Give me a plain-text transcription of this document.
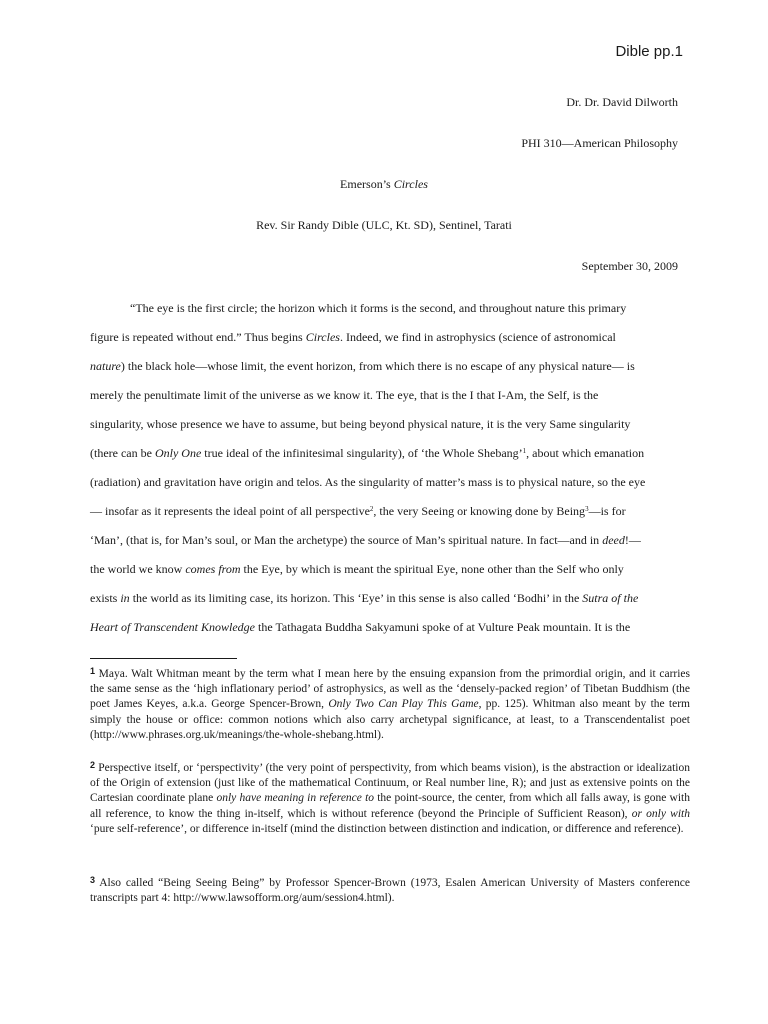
Dible pp.1
Dr. Dr. David Dilworth
PHI 310—American Philosophy
Emerson’s Circles
Rev. Sir Randy Dible (ULC, Kt. SD), Sentinel, Tarati
September 30, 2009
“The eye is the first circle; the horizon which it forms is the second, and throughout nature this primary
figure is repeated without end.” Thus begins Circles. Indeed, we find in astrophysics (science of astronomical
nature) the black hole—whose limit, the event horizon, from which there is no escape of any physical nature— is
merely the penultimate limit of the universe as we know it. The eye, that is the I that I-Am, the Self, is the
singularity, whose presence we have to assume, but being beyond physical nature, it is the very Same singularity
(there can be Only One true ideal of the infinitesimal singularity), of ‘the Whole Shebang’$^1$, about which emanation
(radiation) and gravitation have origin and telos. As the singularity of matter’s mass is to physical nature, so the eye
— insofar as it represents the ideal point of all perspective$^2$, the very Seeing or knowing done by Being$^3$—is for
‘Man’, (that is, for Man’s soul, or Man the archetype) the source of Man’s spiritual nature. In fact—and in deed!—
the world we know comes from the Eye, by which is meant the spiritual Eye, none other than the Self who only
exists in the world as its limiting case, its horizon. This ‘Eye’ in this sense is also called ‘Bodhi’ in the Sutra of the
Heart of Transcendent Knowledge the Tathagata Buddha Sakyamuni spoke of at Vulture Peak mountain. It is the
$^1$ Maya. Walt Whitman meant by the term what I mean here by the ensuing expansion from the primordial origin, and it carries the same sense as the ‘high inflationary period’ of astrophysics, as well as the ‘densely-packed region’ of Tibetan Buddhism (the poet James Keyes, a.k.a. George Spencer-Brown, Only Two Can Play This Game, pp. 125). Whitman also meant by the term simply the house or office: common notions which also carry archetypal significance, at least, to a Transcendentalist poet (http://www.phrases.org.uk/meanings/the-whole-shebang.html).
$^2$ Perspective itself, or ‘perspectivity’ (the very point of perspectivity, from which beams vision), is the abstraction or idealization of the Origin of extension (just like of the mathematical Continuum, or Real number line, R); and just as extensive points on the Cartesian coordinate plane only have meaning in reference to the point-source, the center, from which all falls away, is gone with all reference, to know the thing in-itself, which is without reference (beyond the Principle of Sufficient Reason), or only with ‘pure self-reference’, or difference in-itself (mind the distinction between distinction and indication, or difference and reference).
$^3$ Also called “Being Seeing Being” by Professor Spencer-Brown (1973, Esalen American University of Masters conference transcripts part 4: http://www.lawsofform.org/aum/session4.html).
